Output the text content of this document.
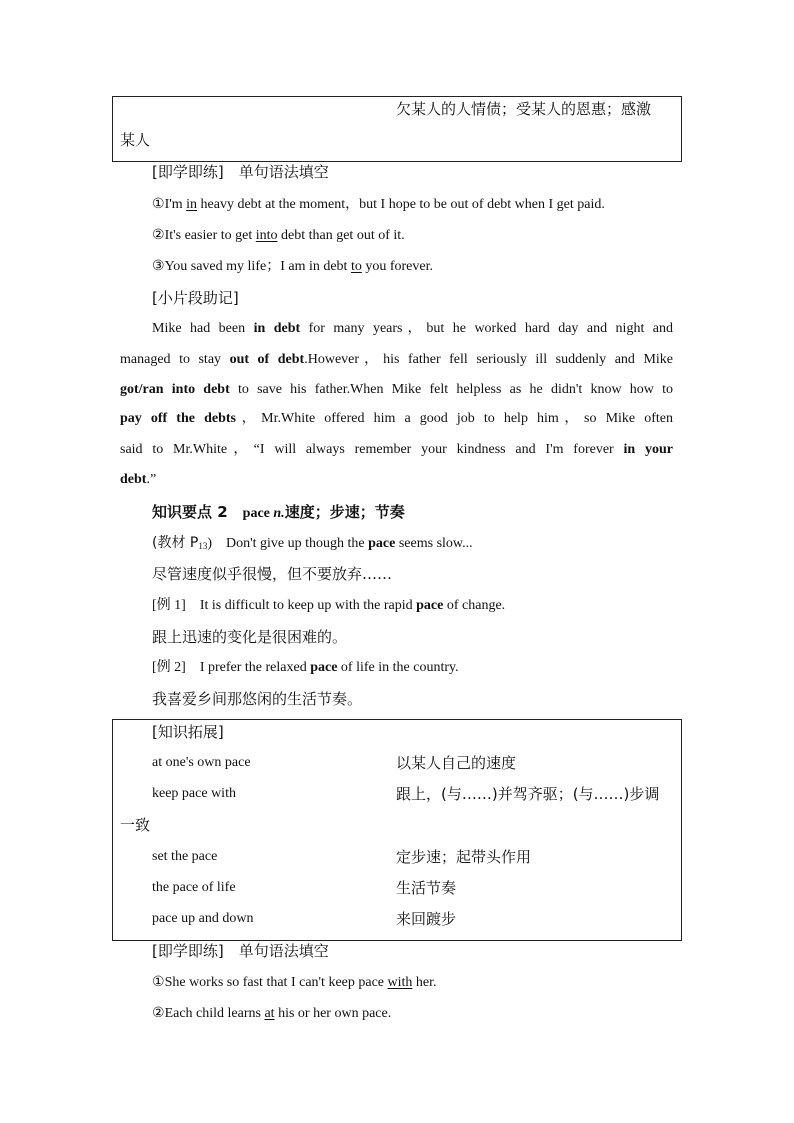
欠某人的人情债；受某人的恩惠；感激
某人
[即学即练]　单句语法填空
①I'm in heavy debt at the moment，but I hope to be out of debt when I get paid.
②It's easier to get into debt than get out of it.
③You saved my life；I am in debt to you forever.
[小片段助记]
Mike had been in debt for many years，but he worked hard day and night and
managed to stay out of debt.However，his father fell seriously ill suddenly and Mike
got/ran into debt to save his father.When Mike felt helpless as he didn't know how to
pay off the debts，Mr.White offered him a good job to help him，so Mike often
said to Mr.White，“I will always remember your kindness and I'm forever in your
debt.”
知识要点 2　pace n.速度；步速；节奏
(教材 $P_{13}$)　Don't give up though the pace seems slow...
尽管速度似乎很慢，但不要放弃……
[例 1]　It is difficult to keep up with the rapid pace of change.
跟上迅速的变化是很困难的。
[例 2]　I prefer the relaxed pace of life in the country.
我喜爱乡间那悠闲的生活节奏。
[知识拓展]
at one's own pace	以某人自己的速度
keep pace with	跟上，(与……)并驾齐驱；(与……)步调
一致
set the pace	定步速；起带头作用
the pace of life	生活节奏
pace up and down	来回踱步
[即学即练]　单句语法填空
①She works so fast that I can't keep pace with her.
②Each child learns at his or her own pace.
